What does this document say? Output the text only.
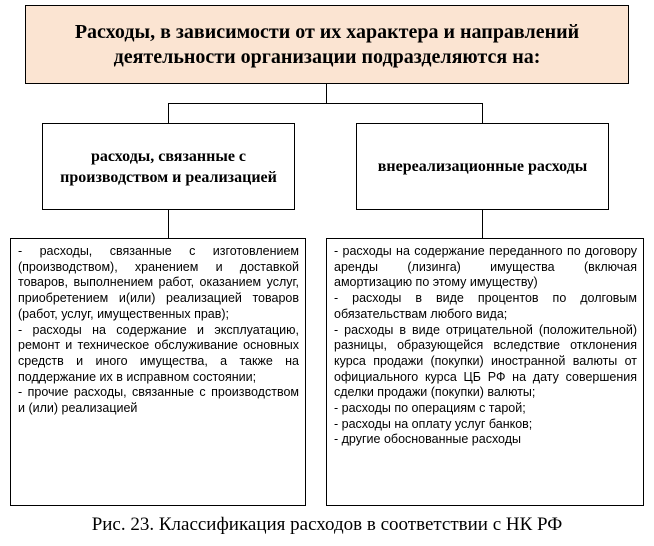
Расходы, в зависимости от их характера и направлений деятельности организации подразделяются на:
расходы, связанные с производством и реализацией
внереализационные расходы

- расходы, связанные с изготовлением (производством), хранением и доставкой товаров, выполнением работ, оказанием услуг, приобретением и(или) реализацией товаров (работ, услуг, имущественных прав);

- расходы на содержание и эксплуатацию, ремонт и техническое обслуживание основных средств и иного имущества, а также на поддержание их в исправном состоянии;

- прочие расходы, связанные с производством и (или) реализацией

- расходы на содержание переданного по договору аренды (лизинга) имущества (включая амортизацию по этому имуществу)

- расходы в виде процентов по долговым обязательствам любого вида;

- расходы в виде отрицательной (положительной) разницы, образующейся вследствие отклонения курса продажи (покупки) иностранной валюты от официального курса ЦБ РФ на дату совершения сделки продажи (покупки) валюты;

- расходы по операциям с тарой;

- расходы на оплату услуг банков;

- другие обоснованные расходы

Рис. 23. Классификация расходов в соответствии с НК РФ
